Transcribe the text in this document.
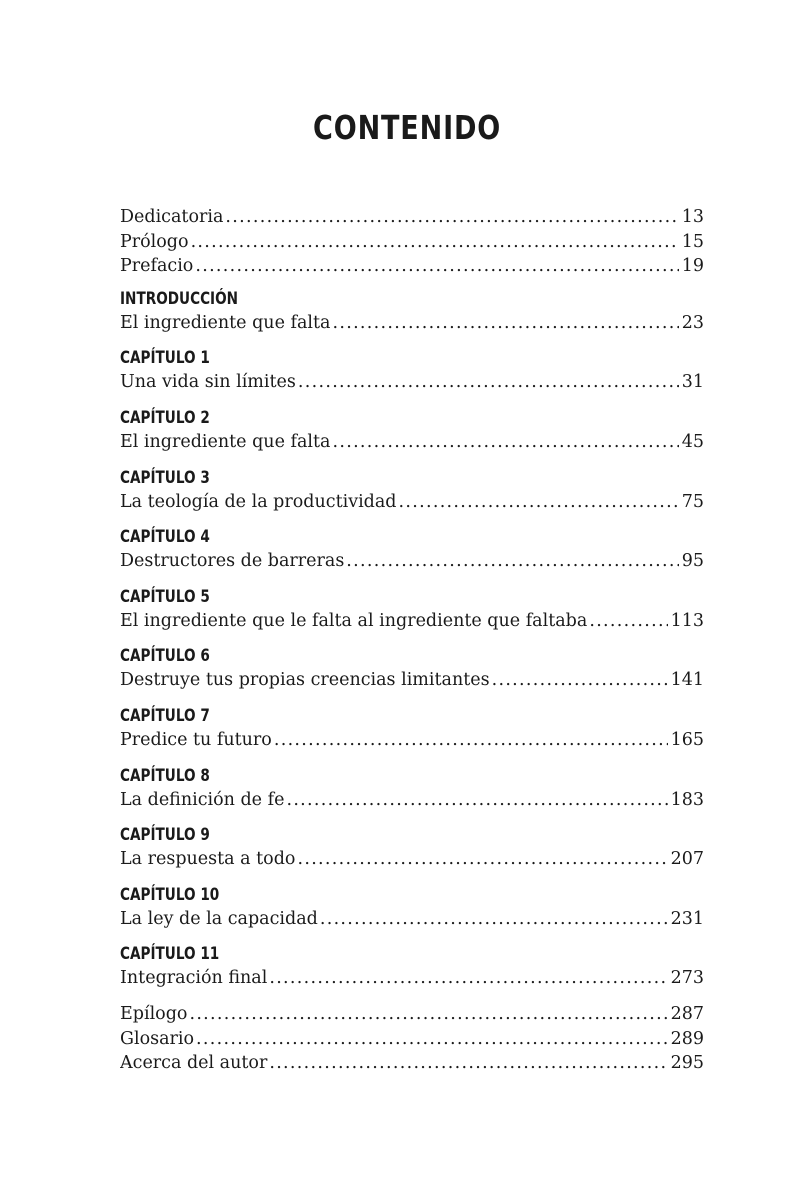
CONTENIDO
Dedicatoria .....	13
Prólogo .....	15
Prefacio .....	19
INTRODUCCIÓN
El ingrediente que falta .....	23
CAPÍTULO 1
Una vida sin límites .....	31
CAPÍTULO 2
El ingrediente que falta .....	45
CAPÍTULO 3
La teología de la productividad .....	75
CAPÍTULO 4
Destructores de barreras .....	95
CAPÍTULO 5
El ingrediente que le falta al ingrediente que faltaba .....	113
CAPÍTULO 6
Destruye tus propias creencias limitantes .....	141
CAPÍTULO 7
Predice tu futuro .....	165
CAPÍTULO 8
La definición de fe .....	183
CAPÍTULO 9
La respuesta a todo .....	207
CAPÍTULO 10
La ley de la capacidad .....	231
CAPÍTULO 11
Integración final .....	273
Epílogo .....	287
Glosario .....	289
Acerca del autor .....	295
